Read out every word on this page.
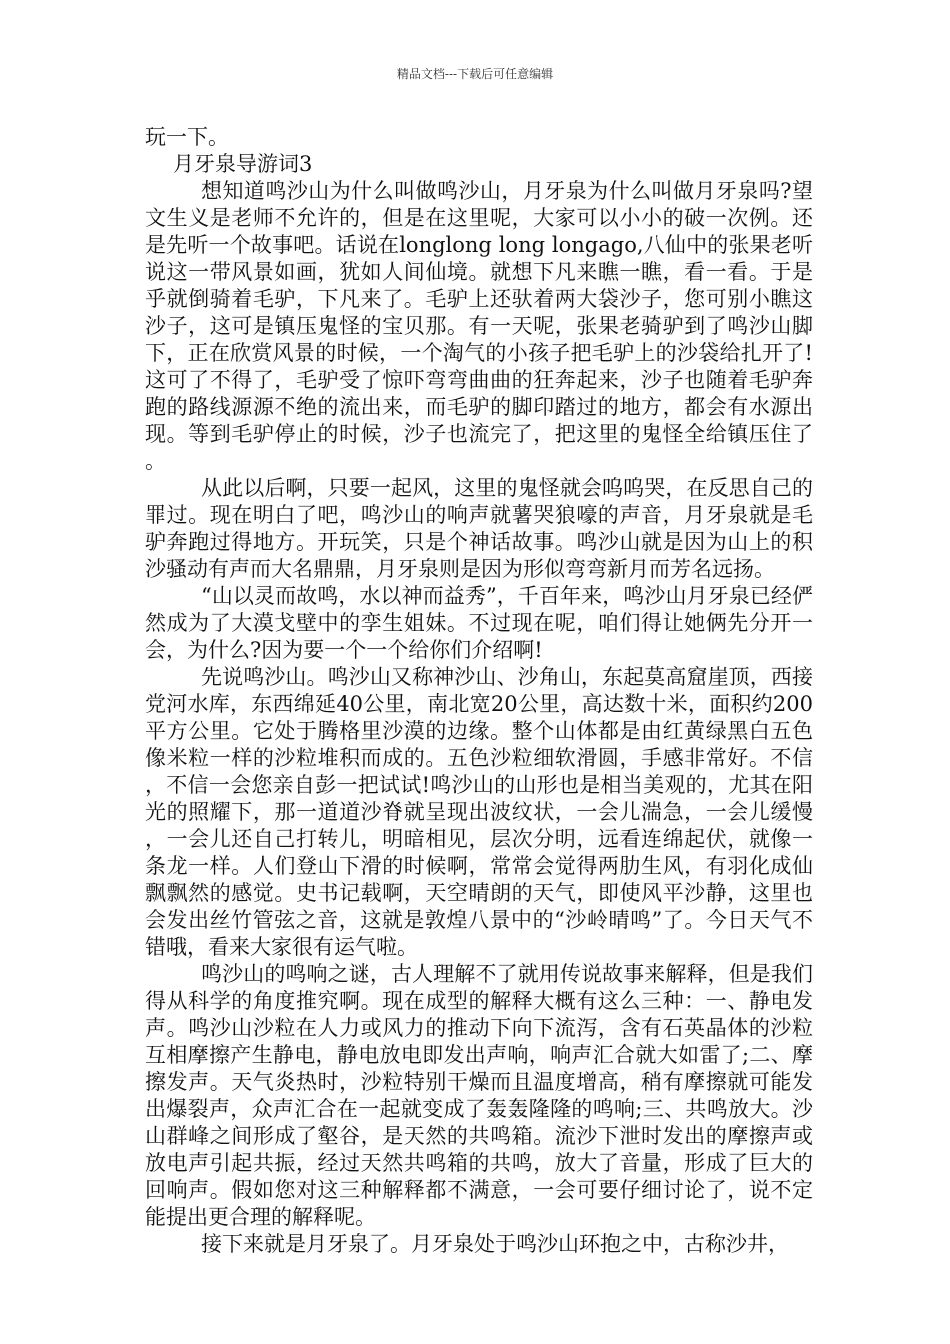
精品文档---下载后可任意编辑

玩一下。

月牙泉导游词3

想知道鸣沙山为什么叫做鸣沙山，月牙泉为什么叫做月牙泉吗?望文生义是老师不允许的，但是在这里呢，大家可以小小的破一次例。还是先听一个故事吧。话说在longlong long longago,八仙中的张果老听说这一带风景如画，犹如人间仙境。就想下凡来瞧一瞧，看一看。于是乎就倒骑着毛驴，下凡来了。毛驴上还驮着两大袋沙子，您可别小瞧这沙子，这可是镇压鬼怪的宝贝那。有一天呢，张果老骑驴到了鸣沙山脚下，正在欣赏风景的时候，一个淘气的小孩子把毛驴上的沙袋给扎开了!这可了不得了，毛驴受了惊吓弯弯曲曲的狂奔起来，沙子也随着毛驴奔跑的路线源源不绝的流出来，而毛驴的脚印踏过的地方，都会有水源出现。等到毛驴停止的时候，沙子也流完了，把这里的鬼怪全给镇压住了。

从此以后啊，只要一起风，这里的鬼怪就会呜呜哭，在反思自己的罪过。现在明白了吧，鸣沙山的响声就薯哭狼嚎的声音，月牙泉就是毛驴奔跑过得地方。开玩笑，只是个神话故事。鸣沙山就是因为山上的积沙骚动有声而大名鼎鼎，月牙泉则是因为形似弯弯新月而芳名远扬。

“山以灵而故鸣，水以神而益秀”，千百年来，鸣沙山月牙泉已经俨然成为了大漠戈壁中的孪生姐妹。不过现在呢，咱们得让她俩先分开一会，为什么?因为要一个一个给你们介绍啊!

先说鸣沙山。鸣沙山又称神沙山、沙角山，东起莫高窟崖顶，西接党河水库，东西绵延40公里，南北宽20公里，高达数十米，面积约200平方公里。它处于腾格里沙漠的边缘。整个山体都是由红黄绿黑白五色像米粒一样的沙粒堆积而成的。五色沙粒细软滑圆，手感非常好。不信，不信一会您亲自彭一把试试!鸣沙山的山形也是相当美观的，尤其在阳光的照耀下，那一道道沙脊就呈现出波纹状，一会儿湍急，一会儿缓慢，一会儿还自己打转儿，明暗相见，层次分明，远看连绵起伏，就像一条龙一样。人们登山下滑的时候啊，常常会觉得两肋生风，有羽化成仙飘飘然的感觉。史书记载啊，天空晴朗的天气，即使风平沙静，这里也会发出丝竹管弦之音，这就是敦煌八景中的“沙岭晴鸣”了。今日天气不错哦，看来大家很有运气啦。

鸣沙山的鸣响之谜，古人理解不了就用传说故事来解释，但是我们得从科学的角度推究啊。现在成型的解释大概有这么三种：一、静电发声。鸣沙山沙粒在人力或风力的推动下向下流泻，含有石英晶体的沙粒互相摩擦产生静电，静电放电即发出声响，响声汇合就大如雷了;二、摩擦发声。天气炎热时，沙粒特别干燥而且温度增高，稍有摩擦就可能发出爆裂声，众声汇合在一起就变成了轰轰隆隆的鸣响;三、共鸣放大。沙山群峰之间形成了壑谷，是天然的共鸣箱。流沙下泄时发出的摩擦声或放电声引起共振，经过天然共鸣箱的共鸣，放大了音量，形成了巨大的回响声。假如您对这三种解释都不满意，一会可要仔细讨论了，说不定能提出更合理的解释呢。

接下来就是月牙泉了。月牙泉处于鸣沙山环抱之中，古称沙井，
